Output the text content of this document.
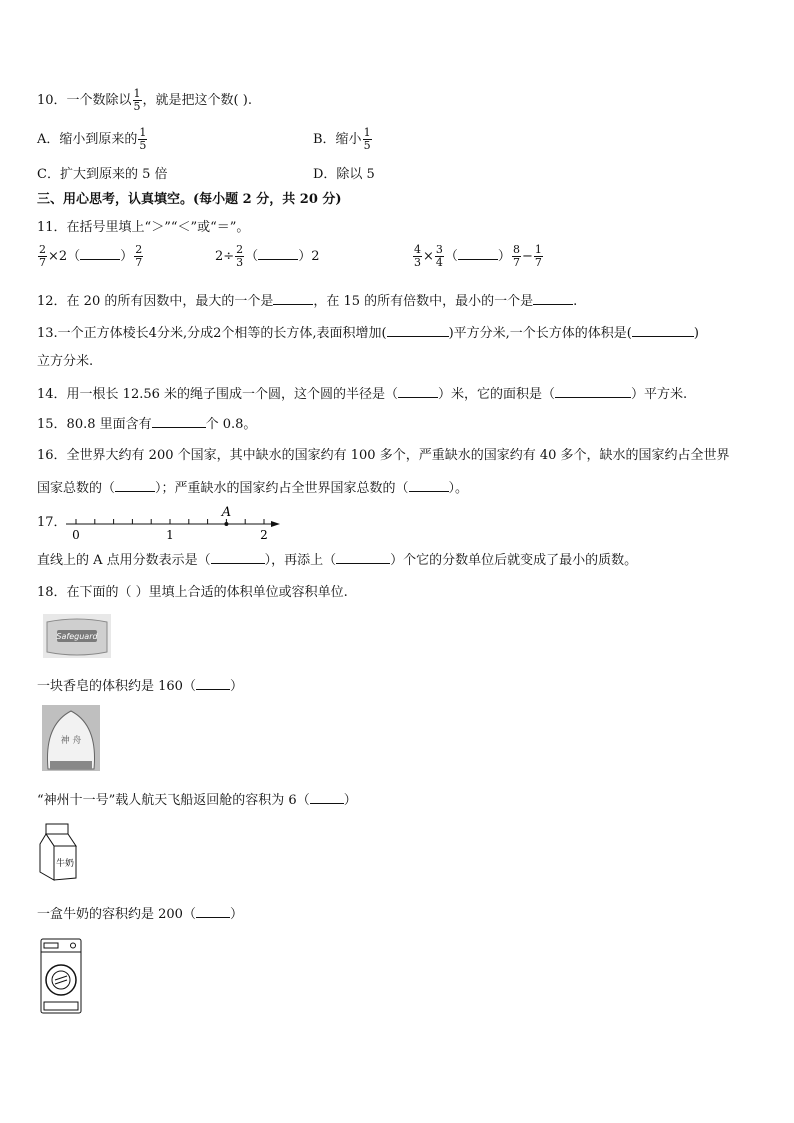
10．一个数除以 $\frac{1}{5}$ ，就是把这个数( ).
A．缩小到原来的 $\frac{1}{5}$	B．缩小 $\frac{1}{5}$
C．扩大到原来的 5 倍	D．除以 5
三、用心思考，认真填空。(每小题 2 分，共 20 分)
11．在括号里填上“＞”“＜”或“＝”。
$\frac{2}{7} \times 2$（	） $\frac{2}{7}$	$2\div \frac{2}{3}$ （	）2	$\frac{4}{3} \times \frac{3}{4}$ （	） $\frac{8}{7} - \frac{1}{7}$
12．在 20 的所有因数中，最大的一个是	，在 15 的所有倍数中，最小的一个是	.
13.一个正方体棱长4分米,分成2个相等的长方体,表面积增加(	)平方分米,一个长方体的体积是(	)
立方分米.
14．用一根长 12.56 米的绳子围成一个圆，这个圆的半径是（	）米，它的面积是（	）平方米.
15．80.8 里面含有	个 0.8。
16．全世界大约有 200 个国家，其中缺水的国家约有 100 多个，严重缺水的国家约有 40 多个，缺水的国家约占全世界
国家总数的（	）；严重缺水的国家约占全世界国家总数的（	）。
17．
A
0	1	2
直线上的 A 点用分数表示是（	），再添上（	）个它的分数单位后就变成了最小的质数。
18．在下面的（ ）里填上合适的体积单位或容积单位.
Safeguard
一块香皂的体积约是 160（	）
神 舟
“神州十一号”载人航天飞船返回舱的容积为 6（	）
牛奶
一盒牛奶的容积约是 200（	）
